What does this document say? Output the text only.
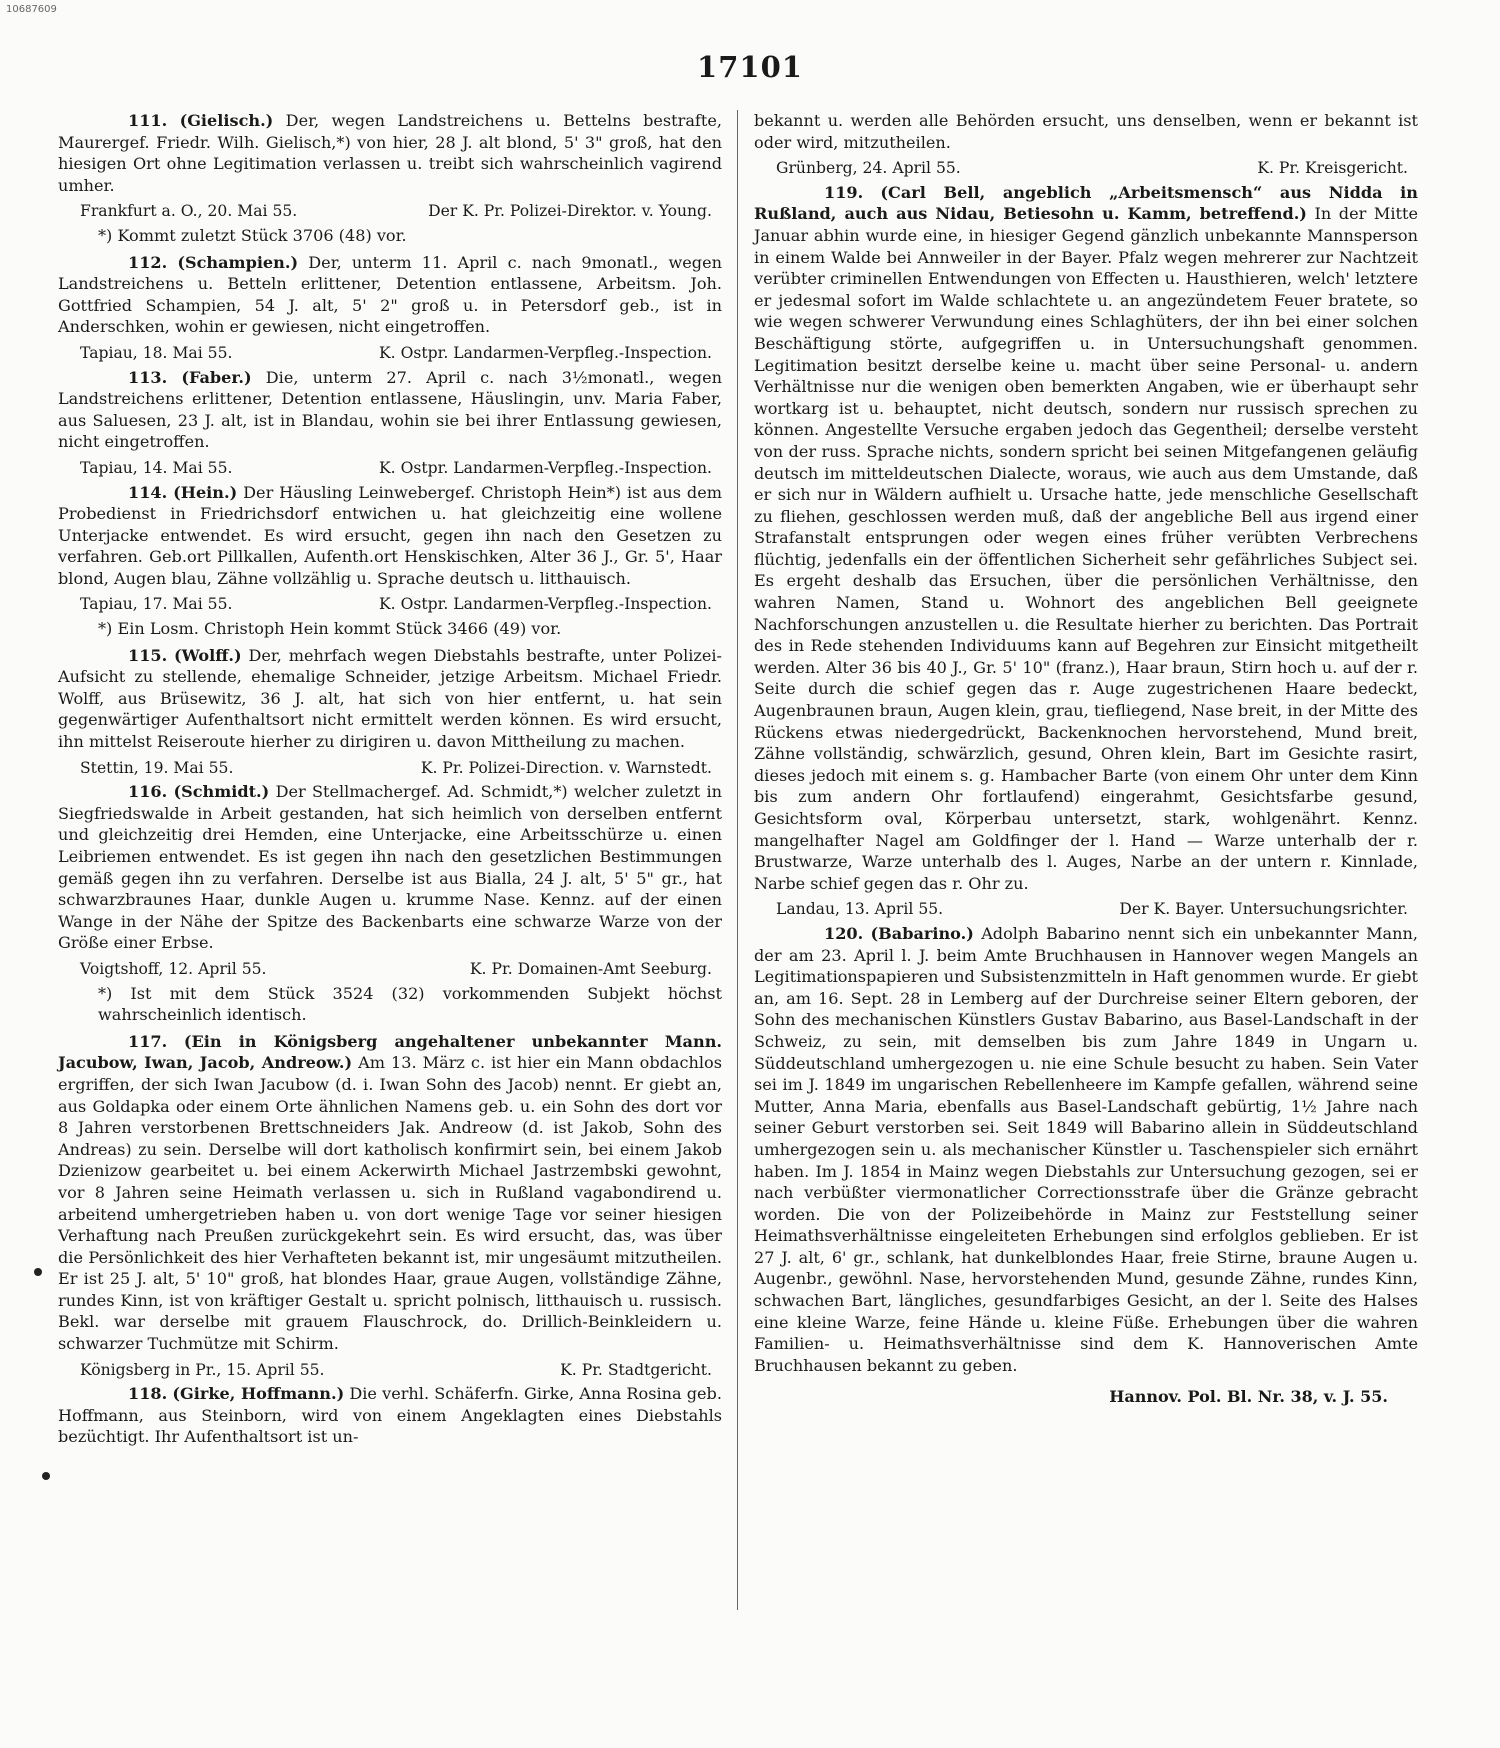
10687609
17101

111. (Gielisch.) Der, wegen Landstreichens u. Bettelns bestrafte, Maurergef. Friedr. Wilh. Gielisch,*) von hier, 28 J. alt blond, 5' 3" groß, hat den hiesigen Ort ohne Legitimation verlassen u. treibt sich wahrscheinlich vagirend umher.

Frankfurt a. O., 20. Mai 55.	Der K. Pr. Polizei-Direktor. v. Young.

*) Kommt zuletzt Stück 3706 (48) vor.

112. (Schampien.) Der, unterm 11. April c. nach 9monatl., wegen Landstreichens u. Betteln erlittener, Detention entlassene, Arbeitsm. Joh. Gottfried Schampien, 54 J. alt, 5' 2" groß u. in Petersdorf geb., ist in Anderschken, wohin er gewiesen, nicht eingetroffen.

Tapiau, 18. Mai 55.	K. Ostpr. Landarmen-Verpfleg.-Inspection.

113. (Faber.) Die, unterm 27. April c. nach 3½monatl., wegen Landstreichens erlittener, Detention entlassene, Häuslingin, unv. Maria Faber, aus Saluesen, 23 J. alt, ist in Blandau, wohin sie bei ihrer Entlassung gewiesen, nicht eingetroffen.

Tapiau, 14. Mai 55.	K. Ostpr. Landarmen-Verpfleg.-Inspection.

114. (Hein.) Der Häusling Leinwebergef. Christoph Hein*) ist aus dem Probedienst in Friedrichsdorf entwichen u. hat gleichzeitig eine wollene Unterjacke entwendet. Es wird ersucht, gegen ihn nach den Gesetzen zu verfahren. Geb.ort Pillkallen, Aufenth.ort Henskischken, Alter 36 J., Gr. 5', Haar blond, Augen blau, Zähne vollzählig u. Sprache deutsch u. litthauisch.

Tapiau, 17. Mai 55.	K. Ostpr. Landarmen-Verpfleg.-Inspection.

*) Ein Losm. Christoph Hein kommt Stück 3466 (49) vor.

115. (Wolff.) Der, mehrfach wegen Diebstahls bestrafte, unter Polizei-Aufsicht zu stellende, ehemalige Schneider, jetzige Arbeitsm. Michael Friedr. Wolff, aus Brüsewitz, 36 J. alt, hat sich von hier entfernt, u. hat sein gegenwärtiger Aufenthaltsort nicht ermittelt werden können. Es wird ersucht, ihn mittelst Reiseroute hierher zu dirigiren u. davon Mittheilung zu machen.

Stettin, 19. Mai 55.	K. Pr. Polizei-Direction. v. Warnstedt.

116. (Schmidt.) Der Stellmachergef. Ad. Schmidt,*) welcher zuletzt in Siegfriedswalde in Arbeit gestanden, hat sich heimlich von derselben entfernt und gleichzeitig drei Hemden, eine Unterjacke, eine Arbeitsschürze u. einen Leibriemen entwendet. Es ist gegen ihn nach den gesetzlichen Bestimmungen gemäß gegen ihn zu verfahren. Derselbe ist aus Bialla, 24 J. alt, 5' 5" gr., hat schwarzbraunes Haar, dunkle Augen u. krumme Nase. Kennz. auf der einen Wange in der Nähe der Spitze des Backenbarts eine schwarze Warze von der Größe einer Erbse.

Voigtshoff, 12. April 55.	K. Pr. Domainen-Amt Seeburg.

*) Ist mit dem Stück 3524 (32) vorkommenden Subjekt höchst wahrscheinlich identisch.

117. (Ein in Königsberg angehaltener unbekannter Mann. Jacubow, Iwan, Jacob, Andreow.) Am 13. März c. ist hier ein Mann obdachlos ergriffen, der sich Iwan Jacubow (d. i. Iwan Sohn des Jacob) nennt. Er giebt an, aus Goldapka oder einem Orte ähnlichen Namens geb. u. ein Sohn des dort vor 8 Jahren verstorbenen Brettschneiders Jak. Andreow (d. ist Jakob, Sohn des Andreas) zu sein. Derselbe will dort katholisch konfirmirt sein, bei einem Jakob Dzienizow gearbeitet u. bei einem Ackerwirth Michael Jastrzembski gewohnt, vor 8 Jahren seine Heimath verlassen u. sich in Rußland vagabondirend u. arbeitend umhergetrieben haben u. von dort wenige Tage vor seiner hiesigen Verhaftung nach Preußen zurückgekehrt sein. Es wird ersucht, das, was über die Persönlichkeit des hier Verhafteten bekannt ist, mir ungesäumt mitzutheilen. Er ist 25 J. alt, 5' 10" groß, hat blondes Haar, graue Augen, vollständige Zähne, rundes Kinn, ist von kräftiger Gestalt u. spricht polnisch, litthauisch u. russisch. Bekl. war derselbe mit grauem Flauschrock, do. Drillich-Beinkleidern u. schwarzer Tuchmütze mit Schirm.

Königsberg in Pr., 15. April 55.	K. Pr. Stadtgericht.

118. (Girke, Hoffmann.) Die verhl. Schäferfn. Girke, Anna Rosina geb. Hoffmann, aus Steinborn, wird von einem Angeklagten eines Diebstahls bezüchtigt. Ihr Aufenthaltsort ist un-

bekannt u. werden alle Behörden ersucht, uns denselben, wenn er bekannt ist oder wird, mitzutheilen.

Grünberg, 24. April 55.	K. Pr. Kreisgericht.

119. (Carl Bell, angeblich „Arbeitsmensch“ aus Nidda in Rußland, auch aus Nidau, Betiesohn u. Kamm, betreffend.) In der Mitte Januar abhin wurde eine, in hiesiger Gegend gänzlich unbekannte Mannsperson in einem Walde bei Annweiler in der Bayer. Pfalz wegen mehrerer zur Nachtzeit verübter criminellen Entwendungen von Effecten u. Hausthieren, welch' letztere er jedesmal sofort im Walde schlachtete u. an angezündetem Feuer bratete, so wie wegen schwerer Verwundung eines Schlaghüters, der ihn bei einer solchen Beschäftigung störte, aufgegriffen u. in Untersuchungshaft genommen. Legitimation besitzt derselbe keine u. macht über seine Personal- u. andern Verhältnisse nur die wenigen oben bemerkten Angaben, wie er überhaupt sehr wortkarg ist u. behauptet, nicht deutsch, sondern nur russisch sprechen zu können. Angestellte Versuche ergaben jedoch das Gegentheil; derselbe versteht von der russ. Sprache nichts, sondern spricht bei seinen Mitgefangenen geläufig deutsch im mitteldeutschen Dialecte, woraus, wie auch aus dem Umstande, daß er sich nur in Wäldern aufhielt u. Ursache hatte, jede menschliche Gesellschaft zu fliehen, geschlossen werden muß, daß der angebliche Bell aus irgend einer Strafanstalt entsprungen oder wegen eines früher verübten Verbrechens flüchtig, jedenfalls ein der öffentlichen Sicherheit sehr gefährliches Subject sei. Es ergeht deshalb das Ersuchen, über die persönlichen Verhältnisse, den wahren Namen, Stand u. Wohnort des angeblichen Bell geeignete Nachforschungen anzustellen u. die Resultate hierher zu berichten. Das Portrait des in Rede stehenden Individuums kann auf Begehren zur Einsicht mitgetheilt werden. Alter 36 bis 40 J., Gr. 5' 10" (franz.), Haar braun, Stirn hoch u. auf der r. Seite durch die schief gegen das r. Auge zugestrichenen Haare bedeckt, Augenbraunen braun, Augen klein, grau, tiefliegend, Nase breit, in der Mitte des Rückens etwas niedergedrückt, Backenknochen hervorstehend, Mund breit, Zähne vollständig, schwärzlich, gesund, Ohren klein, Bart im Gesichte rasirt, dieses jedoch mit einem s. g. Hambacher Barte (von einem Ohr unter dem Kinn bis zum andern Ohr fortlaufend) eingerahmt, Gesichtsfarbe gesund, Gesichtsform oval, Körperbau untersetzt, stark, wohlgenährt. Kennz. mangelhafter Nagel am Goldfinger der l. Hand — Warze unterhalb der r. Brustwarze, Warze unterhalb des l. Auges, Narbe an der untern r. Kinnlade, Narbe schief gegen das r. Ohr zu.

Landau, 13. April 55.	Der K. Bayer. Untersuchungsrichter.

120. (Babarino.) Adolph Babarino nennt sich ein unbekannter Mann, der am 23. April l. J. beim Amte Bruchhausen in Hannover wegen Mangels an Legitimationspapieren und Subsistenzmitteln in Haft genommen wurde. Er giebt an, am 16. Sept. 28 in Lemberg auf der Durchreise seiner Eltern geboren, der Sohn des mechanischen Künstlers Gustav Babarino, aus Basel-Landschaft in der Schweiz, zu sein, mit demselben bis zum Jahre 1849 in Ungarn u. Süddeutschland umhergezogen u. nie eine Schule besucht zu haben. Sein Vater sei im J. 1849 im ungarischen Rebellenheere im Kampfe gefallen, während seine Mutter, Anna Maria, ebenfalls aus Basel-Landschaft gebürtig, 1½ Jahre nach seiner Geburt verstorben sei. Seit 1849 will Babarino allein in Süddeutschland umhergezogen sein u. als mechanischer Künstler u. Taschenspieler sich ernährt haben. Im J. 1854 in Mainz wegen Diebstahls zur Untersuchung gezogen, sei er nach verbüßter viermonatlicher Correctionsstrafe über die Gränze gebracht worden. Die von der Polizeibehörde in Mainz zur Feststellung seiner Heimathsverhältnisse eingeleiteten Erhebungen sind erfolglos geblieben. Er ist 27 J. alt, 6' gr., schlank, hat dunkelblondes Haar, freie Stirne, braune Augen u. Augenbr., gewöhnl. Nase, hervorstehenden Mund, gesunde Zähne, rundes Kinn, schwachen Bart, längliches, gesundfarbiges Gesicht, an der l. Seite des Halses eine kleine Warze, feine Hände u. kleine Füße. Erhebungen über die wahren Familien- u. Heimathsverhältnisse sind dem K. Hannoverischen Amte Bruchhausen bekannt zu geben.

Hannov. Pol. Bl. Nr. 38, v. J. 55.
